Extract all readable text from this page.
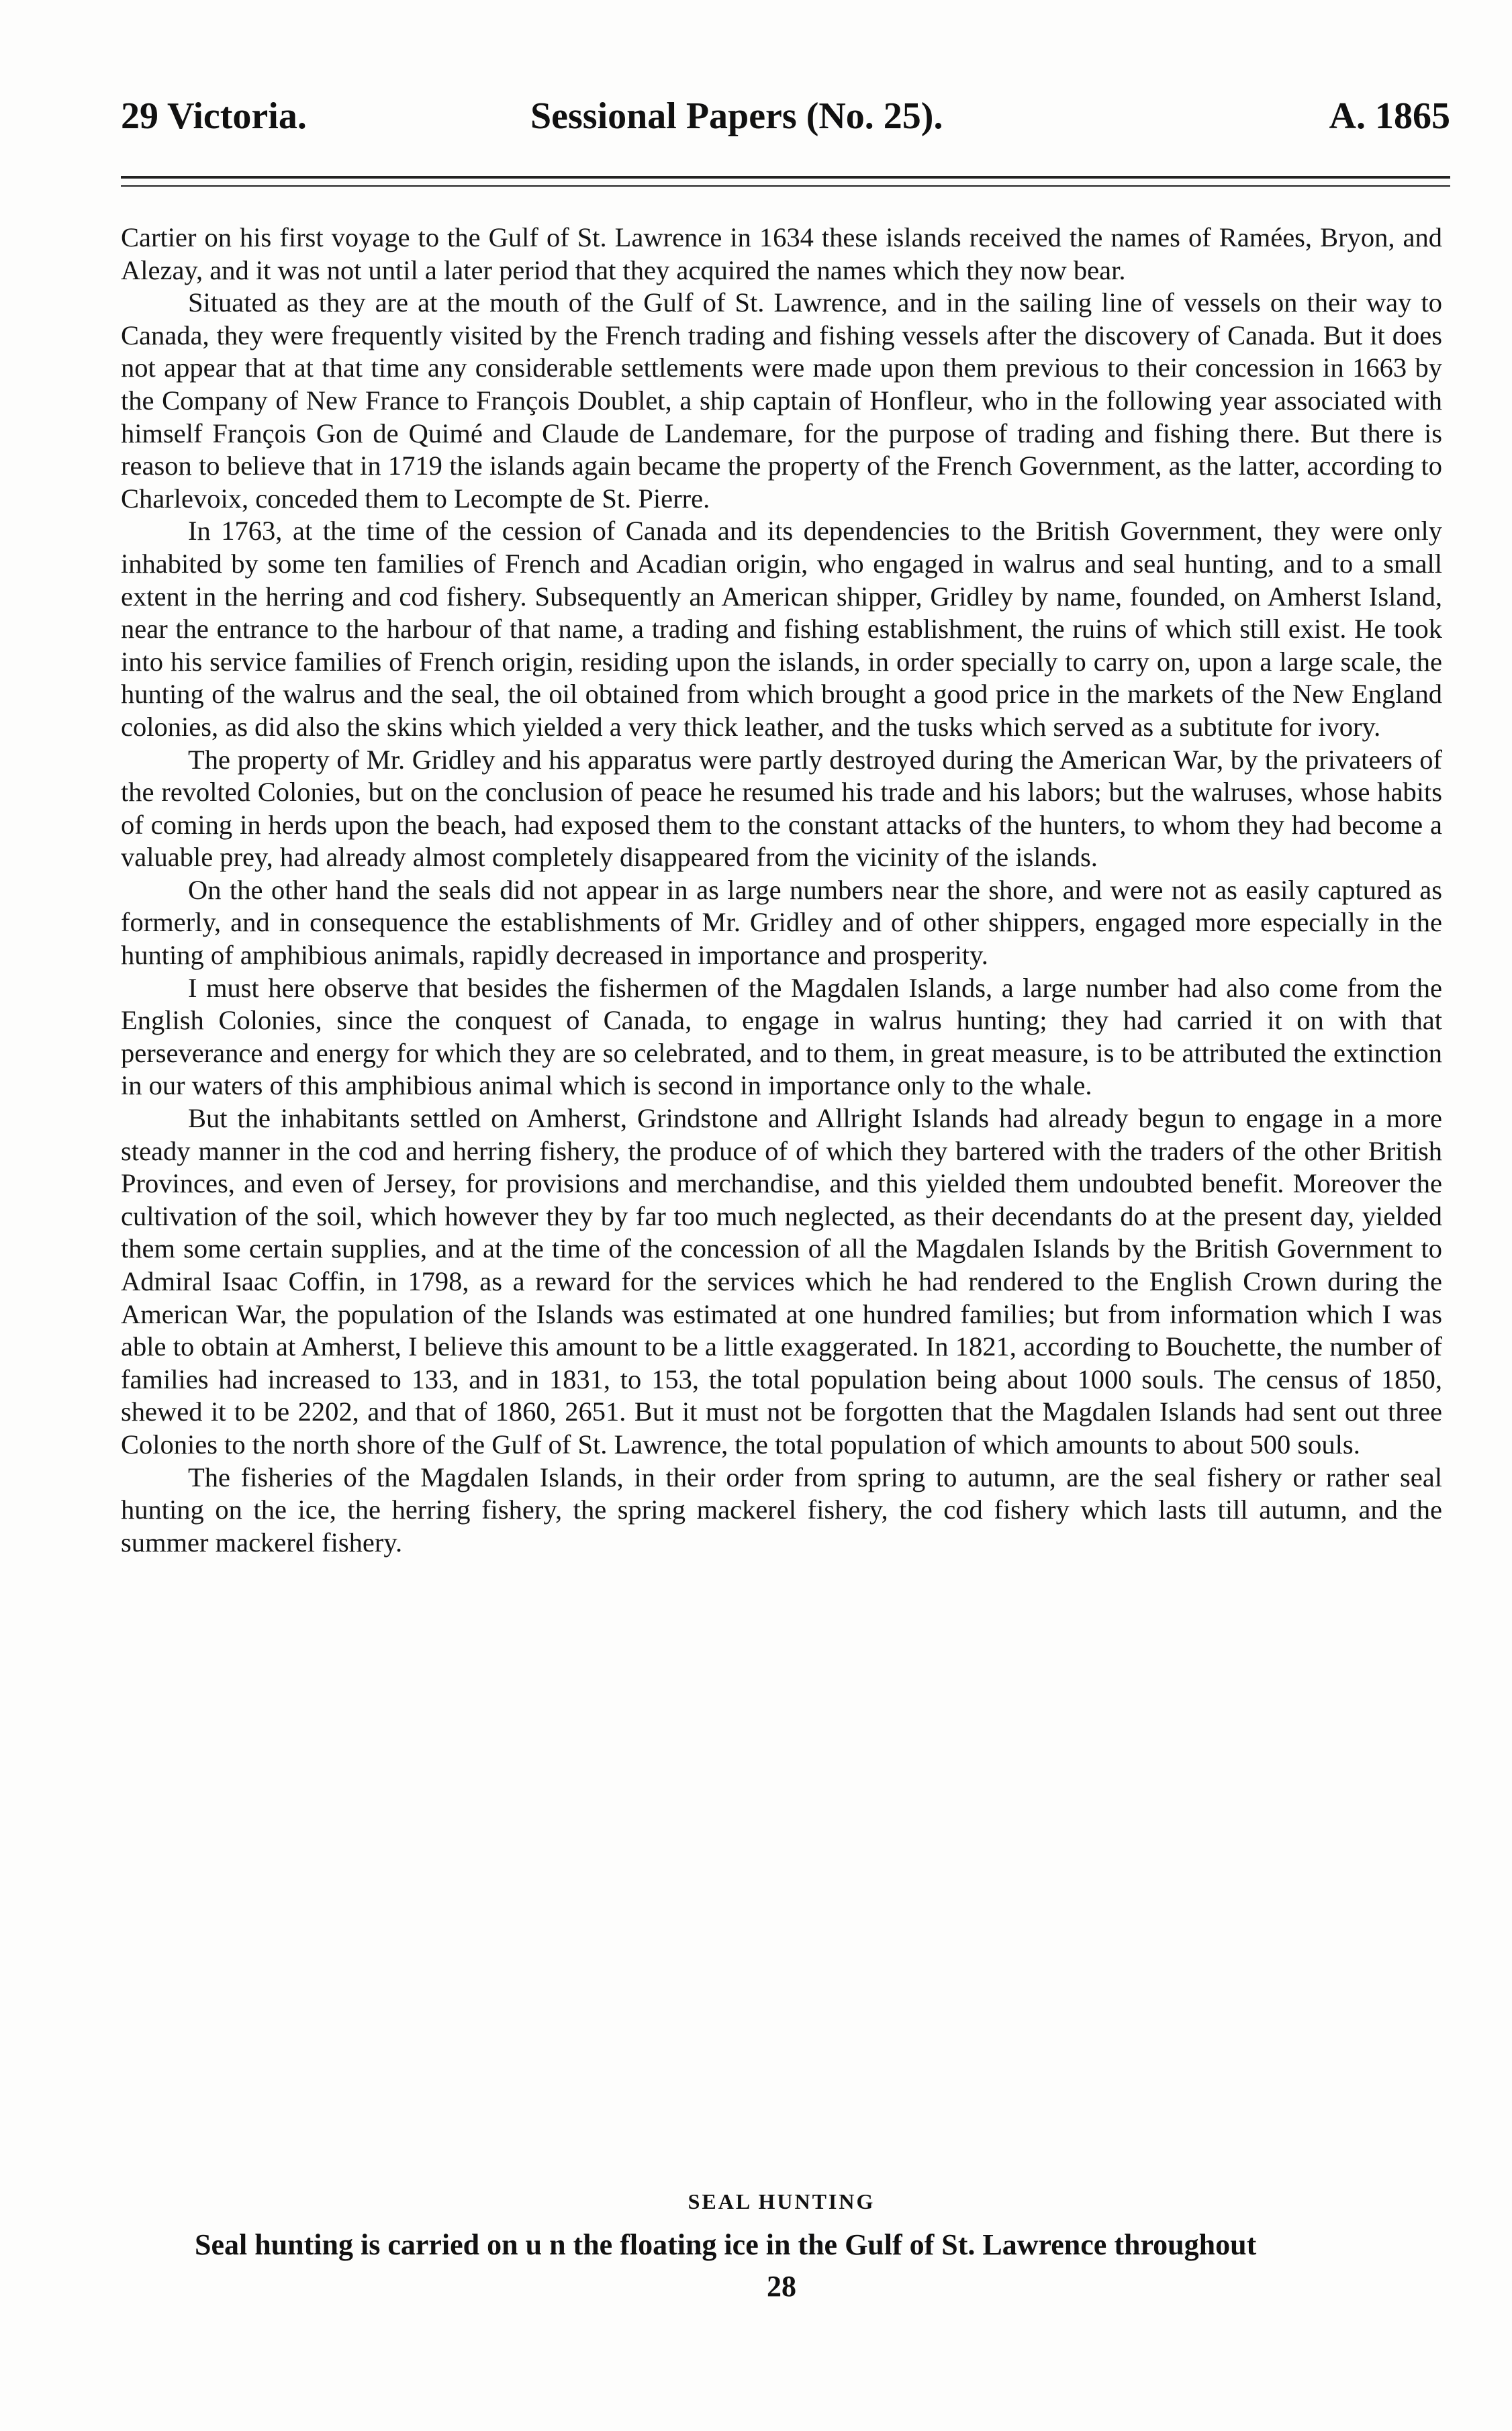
29 Victoria.	Sessional Papers (No. 25).	A. 1865

Cartier on his first voyage to the Gulf of St. Lawrence in 1634 these islands received the names of Ramées, Bryon, and Alezay, and it was not until a later period that they acquired the names which they now bear.

Situated as they are at the mouth of the Gulf of St. Lawrence, and in the sailing line of vessels on their way to Canada, they were frequently visited by the French trading and fishing vessels after the discovery of Canada. But it does not appear that at that time any considerable settlements were made upon them previous to their concession in 1663 by the Company of New France to François Doublet, a ship captain of Honfleur, who in the following year associated with himself François Gon de Quimé and Claude de Landemare, for the purpose of trading and fishing there. But there is reason to believe that in 1719 the islands again became the property of the French Government, as the latter, according to Charlevoix, conceded them to Lecompte de St. Pierre.

In 1763, at the time of the cession of Canada and its dependencies to the British Government, they were only inhabited by some ten families of French and Acadian origin, who engaged in walrus and seal hunting, and to a small extent in the herring and cod fishery. Subsequently an American shipper, Gridley by name, founded, on Amherst Island, near the entrance to the harbour of that name, a trading and fishing establishment, the ruins of which still exist. He took into his service families of French origin, residing upon the islands, in order specially to carry on, upon a large scale, the hunting of the walrus and the seal, the oil obtained from which brought a good price in the markets of the New England colonies, as did also the skins which yielded a very thick leather, and the tusks which served as a subtitute for ivory.

The property of Mr. Gridley and his apparatus were partly destroyed during the American War, by the privateers of the revolted Colonies, but on the conclusion of peace he resumed his trade and his labors; but the walruses, whose habits of coming in herds upon the beach, had exposed them to the constant attacks of the hunters, to whom they had become a valuable prey, had already almost completely disappeared from the vicinity of the islands.

On the other hand the seals did not appear in as large numbers near the shore, and were not as easily captured as formerly, and in consequence the establishments of Mr. Gridley and of other shippers, engaged more especially in the hunting of amphibious animals, rapidly decreased in importance and prosperity.

I must here observe that besides the fishermen of the Magdalen Islands, a large number had also come from the English Colonies, since the conquest of Canada, to engage in walrus hunting; they had carried it on with that perseverance and energy for which they are so celebrated, and to them, in great measure, is to be attributed the extinction in our waters of this amphibious animal which is second in importance only to the whale.

But the inhabitants settled on Amherst, Grindstone and Allright Islands had already begun to engage in a more steady manner in the cod and herring fishery, the produce of of which they bartered with the traders of the other British Provinces, and even of Jersey, for provisions and merchandise, and this yielded them undoubted benefit. Moreover the cultivation of the soil, which however they by far too much neglected, as their decendants do at the present day, yielded them some certain supplies, and at the time of the concession of all the Magdalen Islands by the British Government to Admiral Isaac Coffin, in 1798, as a reward for the services which he had rendered to the English Crown during the American War, the population of the Islands was estimated at one hundred families; but from information which I was able to obtain at Amherst, I believe this amount to be a little exaggerated. In 1821, according to Bouchette, the number of families had increased to 133, and in 1831, to 153, the total population being about 1000 souls. The census of 1850, shewed it to be 2202, and that of 1860, 2651. But it must not be forgotten that the Magdalen Islands had sent out three Colonies to the north shore of the Gulf of St. Lawrence, the total population of which amounts to about 500 souls.

The fisheries of the Magdalen Islands, in their order from spring to autumn, are the seal fishery or rather seal hunting on the ice, the herring fishery, the spring mackerel fishery, the cod fishery which lasts till autumn, and the summer mackerel fishery.

SEAL HUNTING
Seal hunting is carried on u n the floating ice in the Gulf of St. Lawrence throughout
28
